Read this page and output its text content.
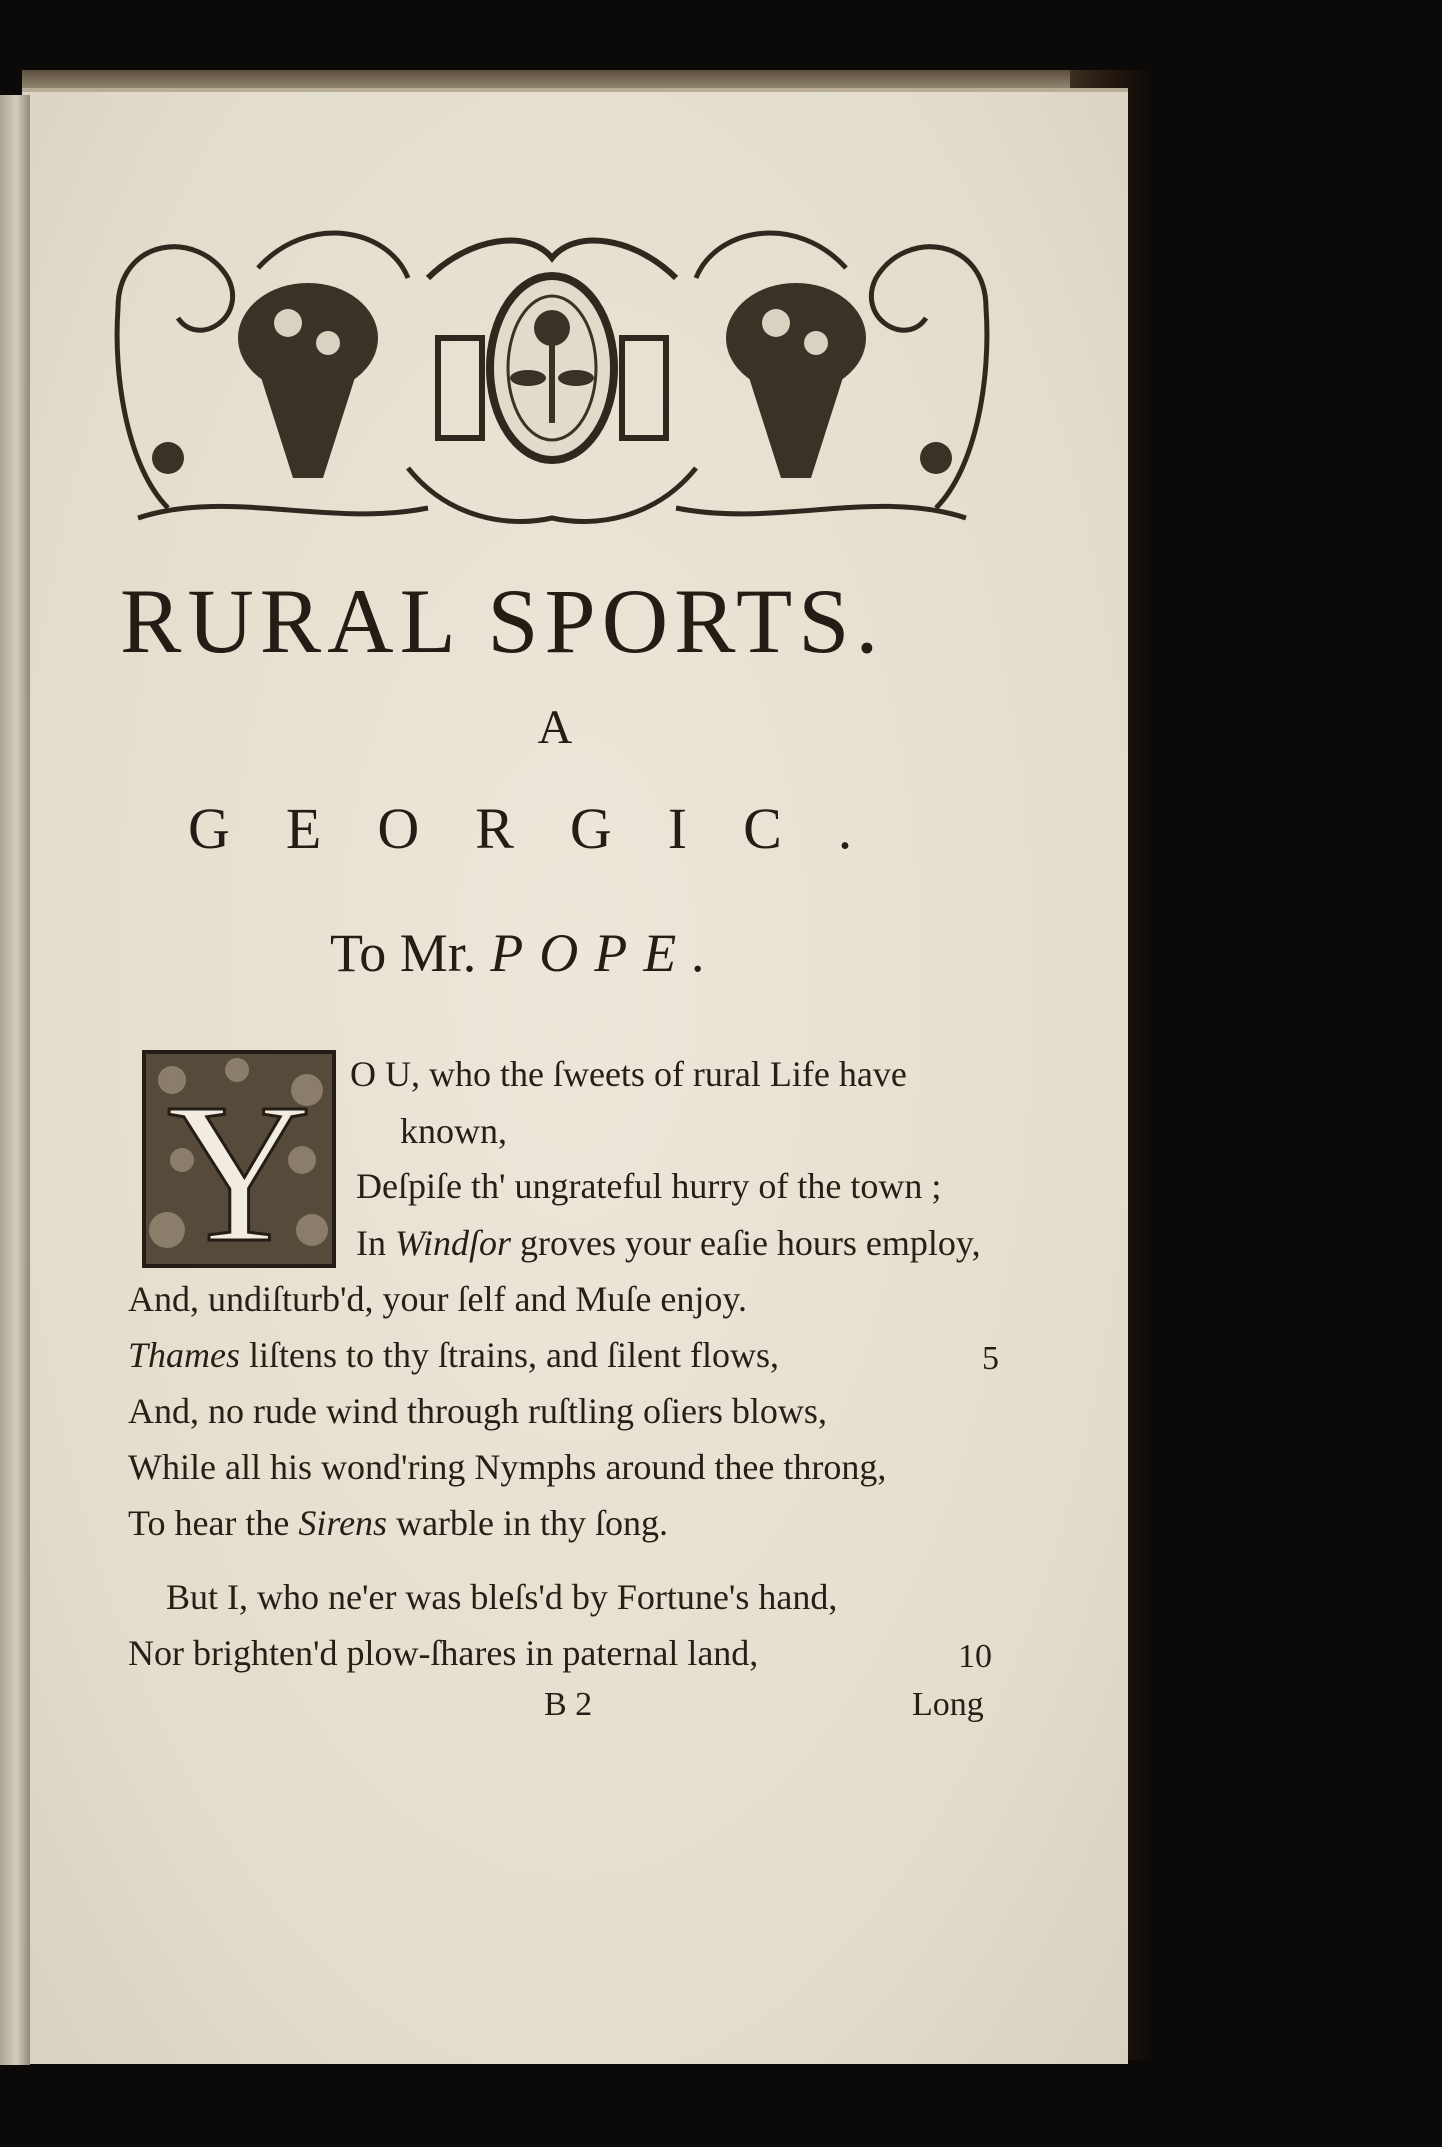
RURAL SPORTS.
A
GEORGIC.
To Mr. POPE.
Y O U, who the ſweets of rural Life have
known,
Deſpiſe th' ungrateful hurry of the town ;
In Windſor groves your eaſie hours employ,
And, undiſturb'd, your ſelf and Muſe enjoy.
Thames liſtens to thy ſtrains, and ſilent flows,	5
And, no rude wind through ruſtling oſiers blows,
While all his wond'ring Nymphs around thee throng,
To hear the Sirens warble in thy ſong.
But I, who ne'er was bleſs'd by Fortune's hand,
Nor brighten'd plow-ſhares in paternal land,	10
B 2	Long
